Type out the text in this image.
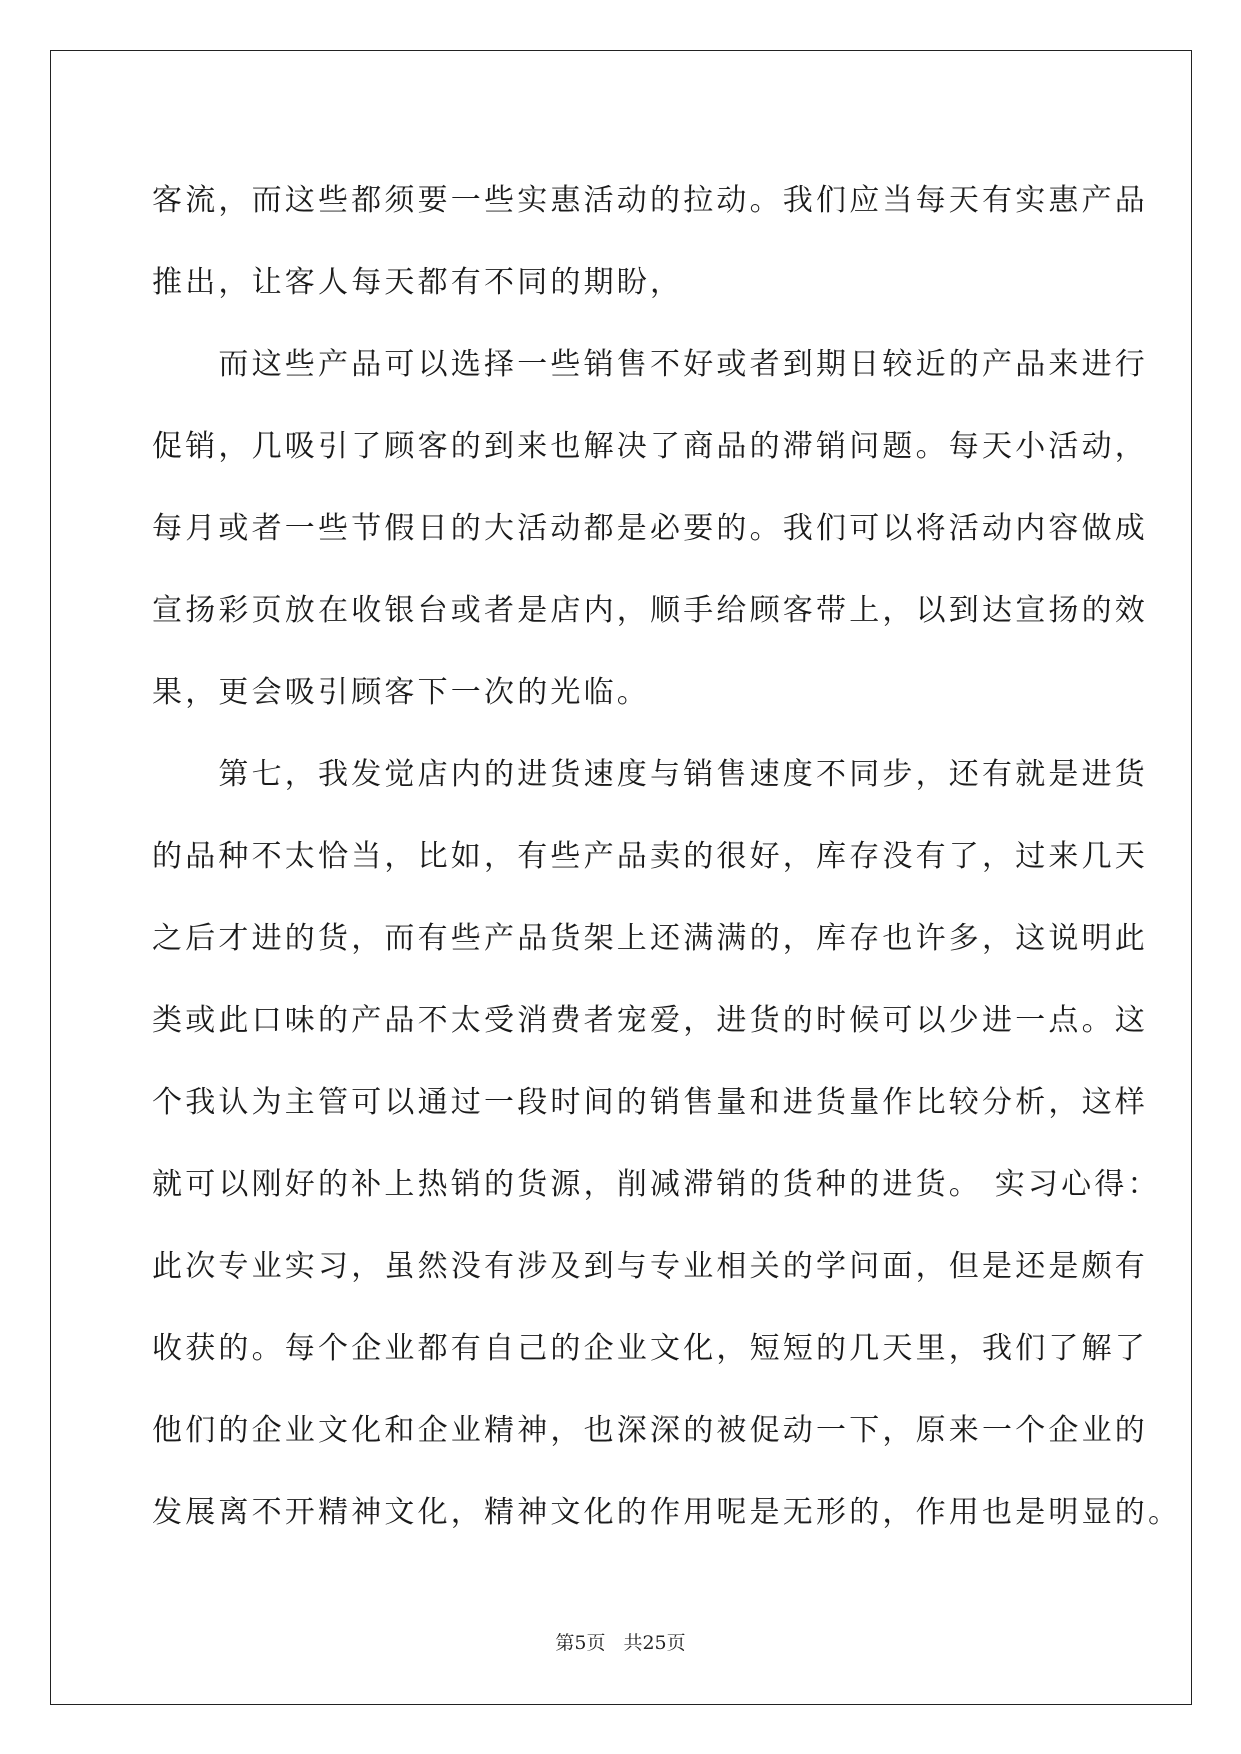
客流，而这些都须要一些实惠活动的拉动。我们应当每天有实惠产品
推出，让客人每天都有不同的期盼，
　　而这些产品可以选择一些销售不好或者到期日较近的产品来进行
促销，几吸引了顾客的到来也解决了商品的滞销问题。每天小活动，
每月或者一些节假日的大活动都是必要的。我们可以将活动内容做成
宣扬彩页放在收银台或者是店内，顺手给顾客带上，以到达宣扬的效
果，更会吸引顾客下一次的光临。
　　第七，我发觉店内的进货速度与销售速度不同步，还有就是进货
的品种不太恰当，比如，有些产品卖的很好，库存没有了，过来几天
之后才进的货，而有些产品货架上还满满的，库存也许多，这说明此
类或此口味的产品不太受消费者宠爱，进货的时候可以少进一点。这
个我认为主管可以通过一段时间的销售量和进货量作比较分析，这样
就可以刚好的补上热销的货源，削减滞销的货种的进货。 实习心得：
此次专业实习，虽然没有涉及到与专业相关的学问面，但是还是颇有
收获的。每个企业都有自己的企业文化，短短的几天里，我们了解了
他们的企业文化和企业精神，也深深的被促动一下，原来一个企业的
发展离不开精神文化，精神文化的作用呢是无形的，作用也是明显的。
第5页 共25页
